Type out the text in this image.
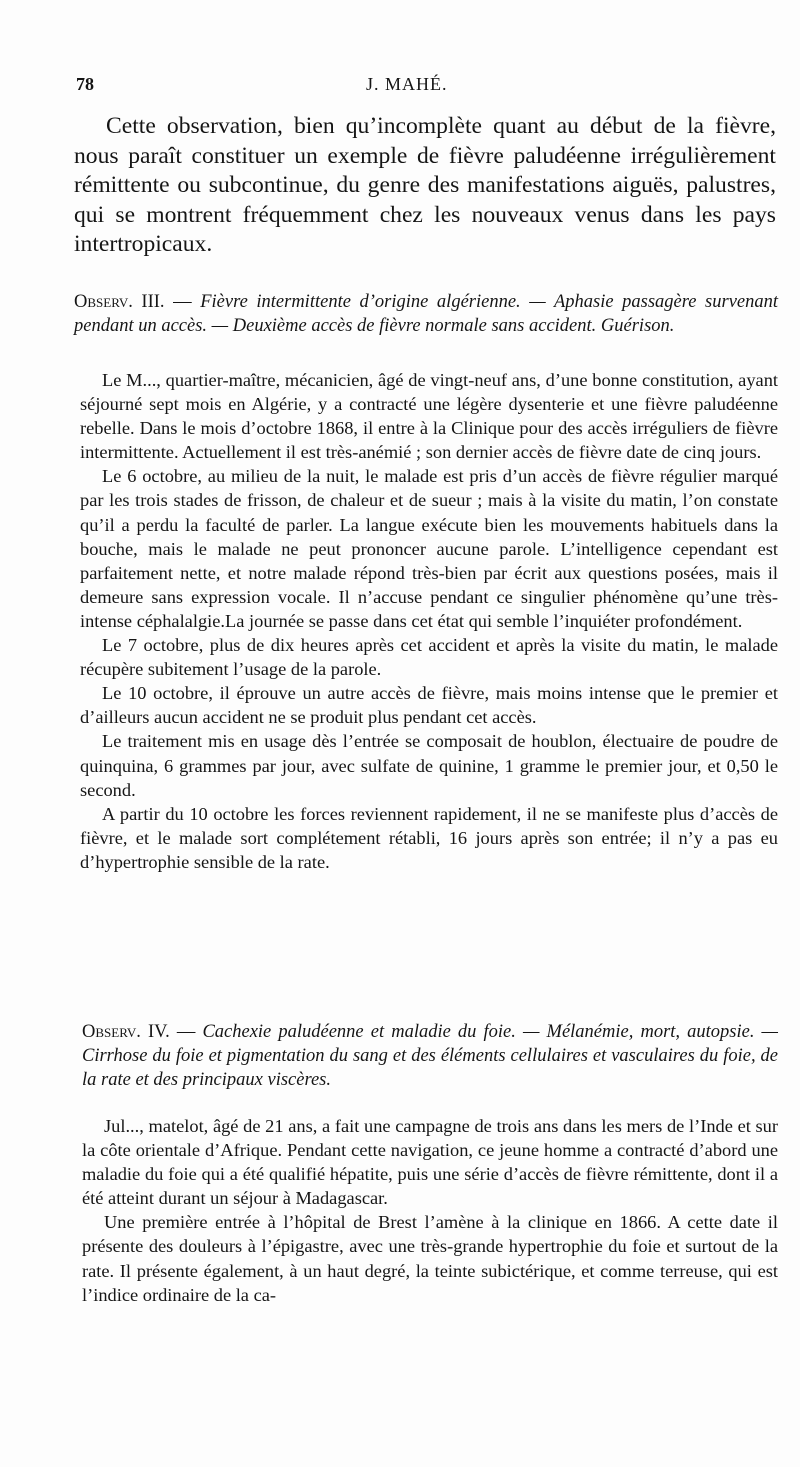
78	J. MAHÉ.
Cette observation, bien qu’incomplète quant au début de la fièvre, nous paraît constituer un exemple de fièvre paludéenne irrégulièrement rémittente ou subcontinue, du genre des manifestations aiguës, palustres, qui se montrent fréquemment chez les nouveaux venus dans les pays intertropicaux.
Observ. III. — Fièvre intermittente d’origine algérienne. — Aphasie passagère survenant pendant un accès. — Deuxième accès de fièvre normale sans accident. Guérison.

Le M..., quartier-maître, mécanicien, âgé de vingt-neuf ans, d’une bonne constitution, ayant séjourné sept mois en Algérie, y a contracté une légère dysenterie et une fièvre paludéenne rebelle. Dans le mois d’octobre 1868, il entre à la Clinique pour des accès irréguliers de fièvre intermittente. Actuellement il est très-anémié ; son dernier accès de fièvre date de cinq jours.

Le 6 octobre, au milieu de la nuit, le malade est pris d’un accès de fièvre régulier marqué par les trois stades de frisson, de chaleur et de sueur ; mais à la visite du matin, l’on constate qu’il a perdu la faculté de parler. La langue exécute bien les mouvements habituels dans la bouche, mais le malade ne peut prononcer aucune parole. L’intelligence cependant est parfaitement nette, et notre malade répond très-bien par écrit aux questions posées, mais il demeure sans expression vocale. Il n’accuse pendant ce singulier phénomène qu’une très-intense céphalalgie.La journée se passe dans cet état qui semble l’inquiéter profondément.

Le 7 octobre, plus de dix heures après cet accident et après la visite du matin, le malade récupère subitement l’usage de la parole.

Le 10 octobre, il éprouve un autre accès de fièvre, mais moins intense que le premier et d’ailleurs aucun accident ne se produit plus pendant cet accès.

Le traitement mis en usage dès l’entrée se composait de houblon, électuaire de poudre de quinquina, 6 grammes par jour, avec sulfate de quinine, 1 gramme le premier jour, et 0,50 le second.

A partir du 10 octobre les forces reviennent rapidement, il ne se manifeste plus d’accès de fièvre, et le malade sort complétement rétabli, 16 jours après son entrée; il n’y a pas eu d’hypertrophie sensible de la rate.

Observ. IV. — Cachexie paludéenne et maladie du foie. — Mélanémie, mort, autopsie. — Cirrhose du foie et pigmentation du sang et des éléments cellulaires et vasculaires du foie, de la rate et des principaux viscères.

Jul..., matelot, âgé de 21 ans, a fait une campagne de trois ans dans les mers de l’Inde et sur la côte orientale d’Afrique. Pendant cette navigation, ce jeune homme a contracté d’abord une maladie du foie qui a été qualifié hépatite, puis une série d’accès de fièvre rémittente, dont il a été atteint durant un séjour à Madagascar.

Une première entrée à l’hôpital de Brest l’amène à la clinique en 1866. A cette date il présente des douleurs à l’épigastre, avec une très-grande hypertrophie du foie et surtout de la rate. Il présente également, à un haut degré, la teinte subictérique, et comme terreuse, qui est l’indice ordinaire de la ca-
